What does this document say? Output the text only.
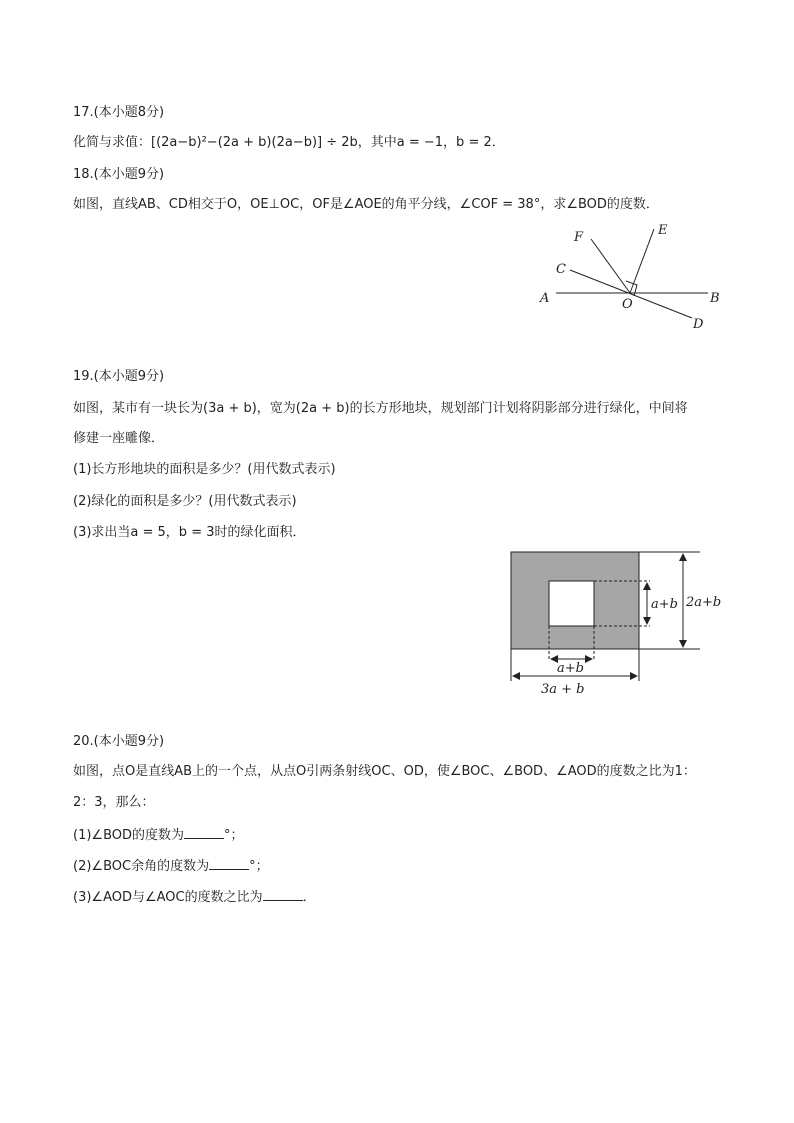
17.(本小题8分)
化简与求值：[(2a−b)²−(2a + b)(2a−b)] ÷ 2b，其中a = −1，b = 2．
18.(本小题9分)
如图，直线AB、CD相交于O，OE⊥OC，OF是∠AOE的角平分线，∠COF = 38°，求∠BOD的度数．
F	E
C
A	O	B
D
19.(本小题9分)
如图，某市有一块长为(3a + b)，宽为(2a + b)的长方形地块，规划部门计划将阴影部分进行绿化，中间将
修建一座雕像．
(1)长方形地块的面积是多少？(用代数式表示)
(2)绿化的面积是多少？(用代数式表示)
(3)求出当a = 5，b = 3时的绿化面积．
a+b 2a+b
a+b
3a + b
20.(本小题9分)
如图，点O是直线AB上的一个点，从点O引两条射线OC、OD，使∠BOC、∠BOD、∠AOD的度数之比为1：
2：3，那么：
(1)∠BOD的度数为	°；
(2)∠BOC余角的度数为	°；
(3)∠AOD与∠AOC的度数之比为	．
